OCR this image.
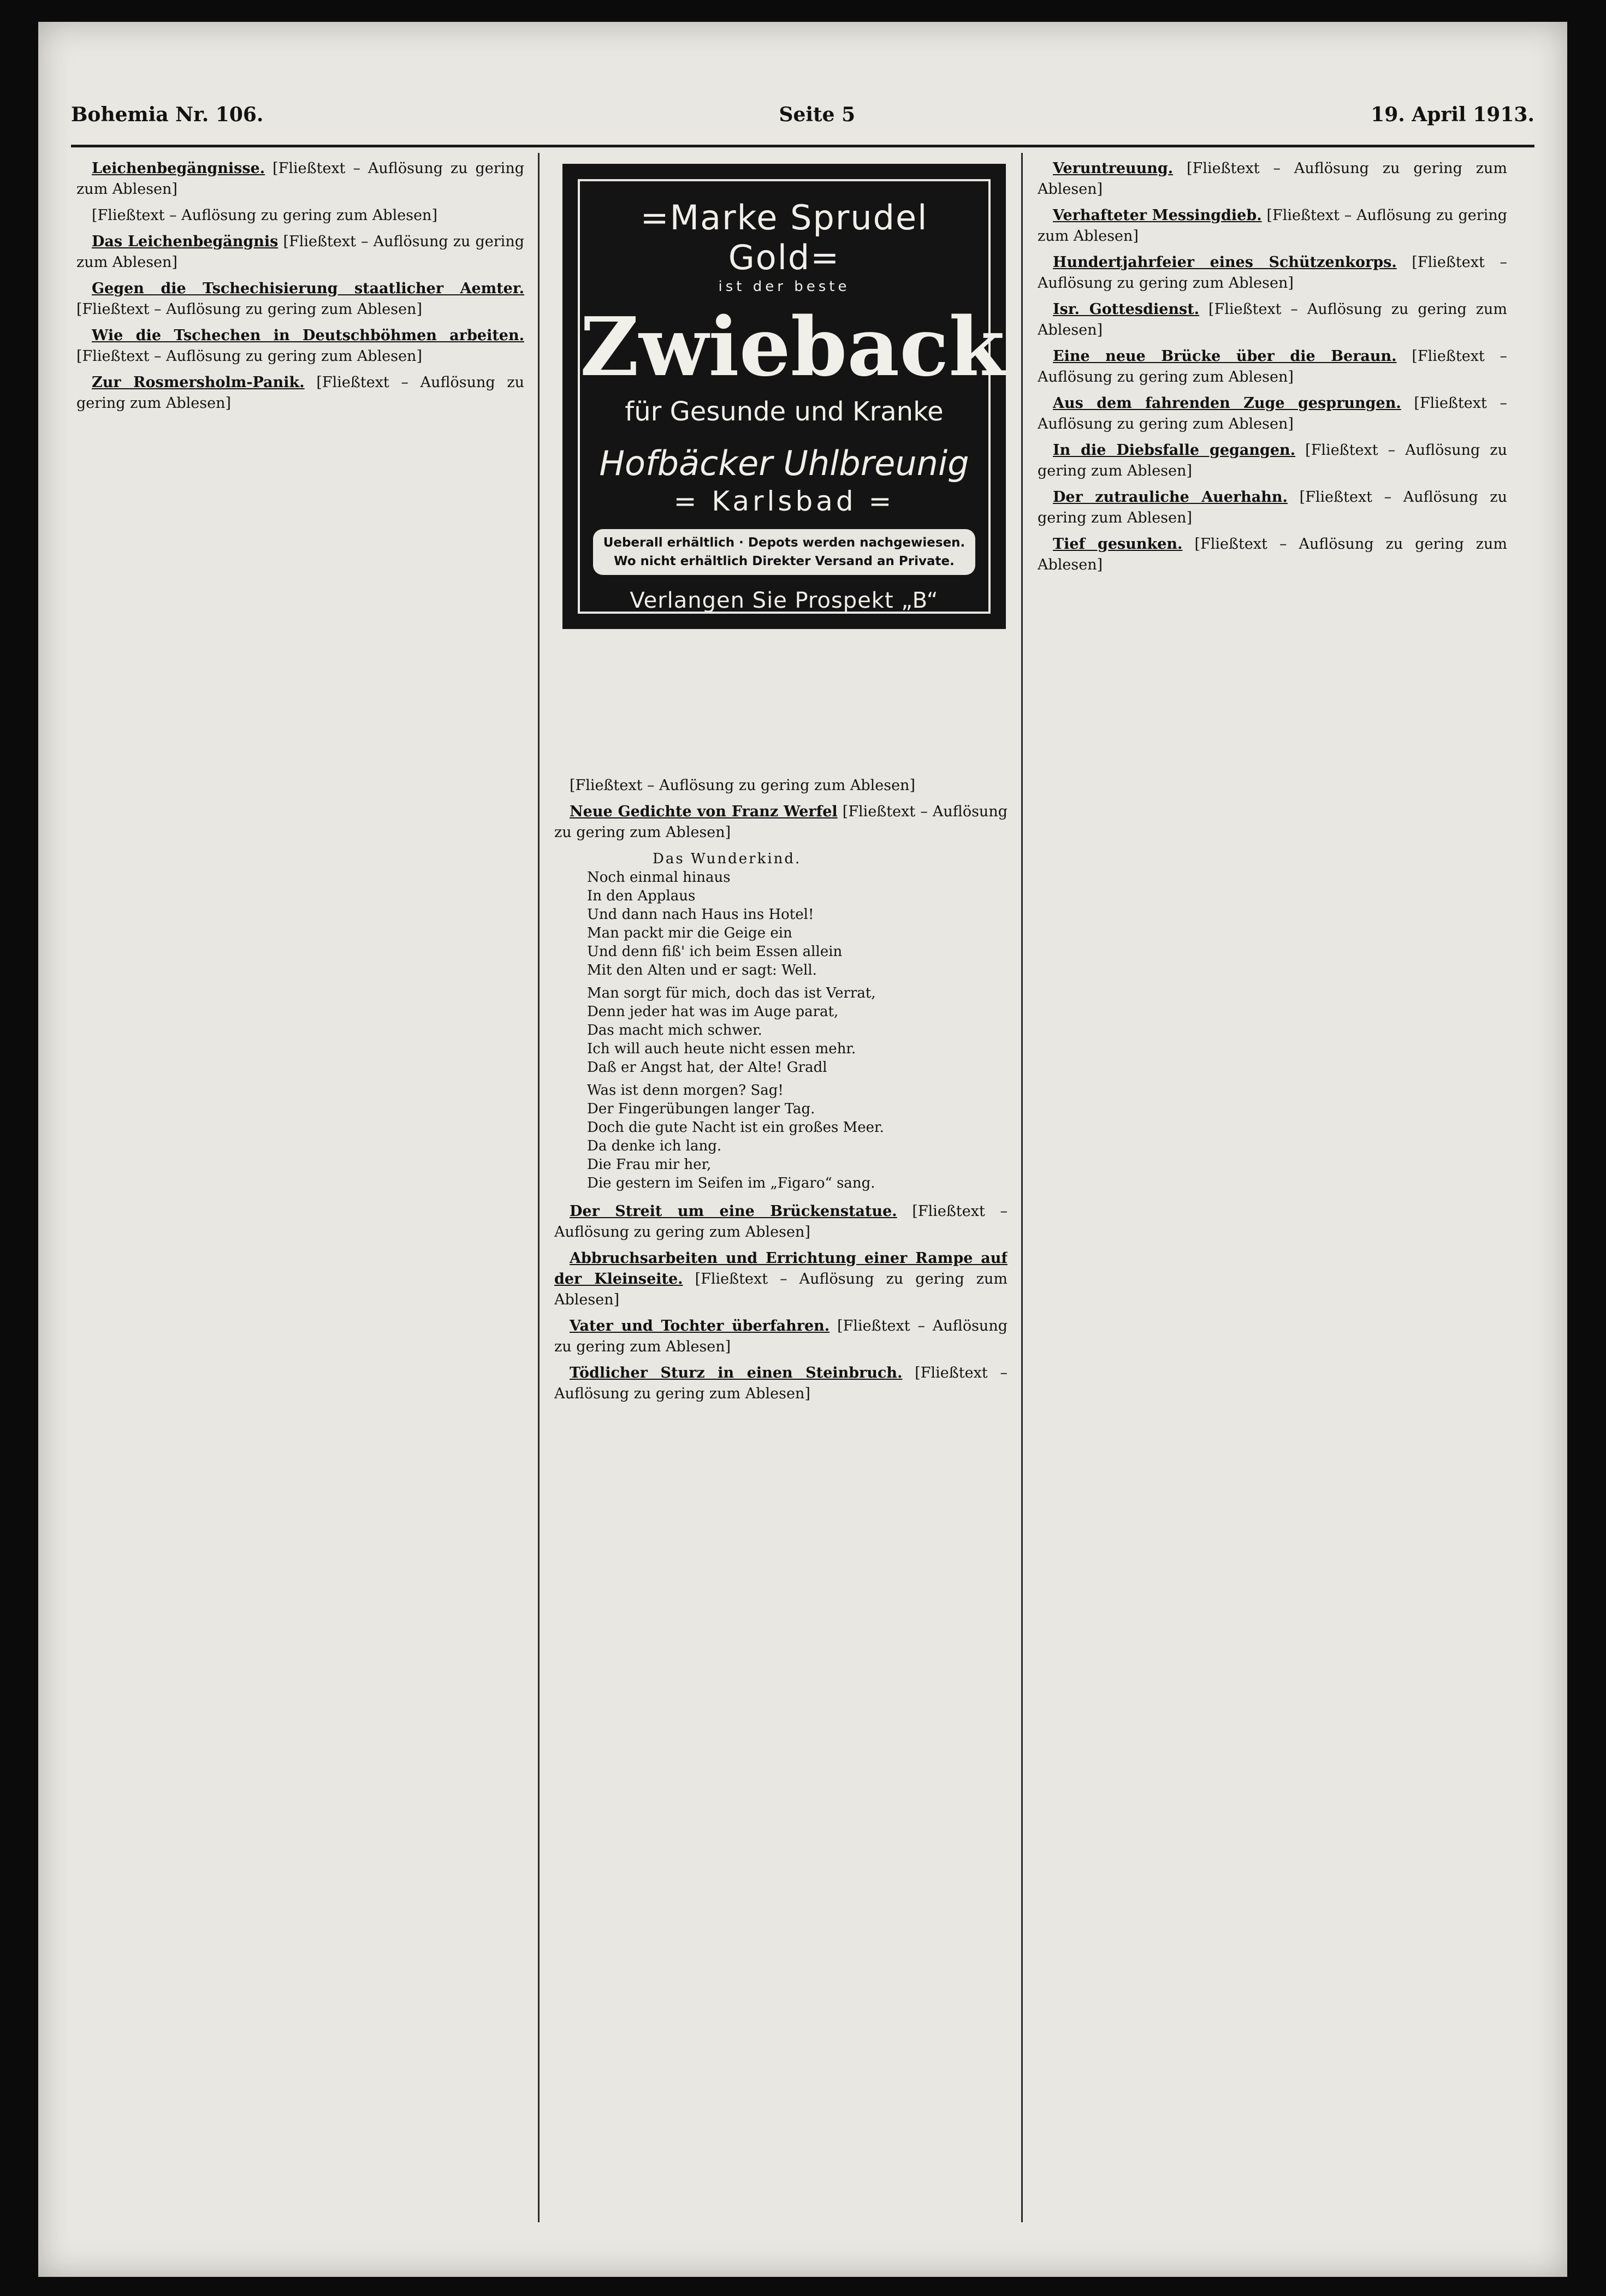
Bohemia Nr. 106.	Seite 5	19. April 1913.

Leichenbegängnisse. [Fließtext – Auflösung zu gering zum Ablesen]

[Fließtext – Auflösung zu gering zum Ablesen]

Das Leichenbegängnis [Fließtext – Auflösung zu gering zum Ablesen]

Gegen die Tschechisierung staatlicher Aemter. [Fließtext – Auflösung zu gering zum Ablesen]

Wie die Tschechen in Deutschböhmen arbeiten. [Fließtext – Auflösung zu gering zum Ablesen]

Zur Rosmersholm-Panik. [Fließtext – Auflösung zu gering zum Ablesen]

=Marke Sprudel Gold=
ist der beste
Zwieback
für Gesunde und Kranke
Hofbäcker Uhlbreunig
= Karlsbad =
Ueberall erhältlich · Depots werden nachgewiesen.
Wo nicht erhältlich Direkter Versand an Private.
Verlangen Sie Prospekt „B“

[Fließtext – Auflösung zu gering zum Ablesen]

Neue Gedichte von Franz Werfel [Fließtext – Auflösung zu gering zum Ablesen]

Das Wunderkind.
Noch einmal hinaus
In den Applaus
Und dann nach Haus ins Hotel!
Man packt mir die Geige ein
Und denn fiß' ich beim Essen allein
Mit den Alten und er sagt: Well.
Man sorgt für mich, doch das ist Verrat,
Denn jeder hat was im Auge parat,
Das macht mich schwer.
Ich will auch heute nicht essen mehr.
Daß er Angst hat, der Alte! Gradl
Was ist denn morgen? Sag!
Der Fingerübungen langer Tag.
Doch die gute Nacht ist ein großes Meer.
Da denke ich lang.
Die Frau mir her,
Die gestern im Seifen im „Figaro“ sang.

Der Streit um eine Brückenstatue. [Fließtext – Auflösung zu gering zum Ablesen]

Abbruchsarbeiten und Errichtung einer Rampe auf der Kleinseite. [Fließtext – Auflösung zu gering zum Ablesen]

Vater und Tochter überfahren. [Fließtext – Auflösung zu gering zum Ablesen]

Tödlicher Sturz in einen Steinbruch. [Fließtext – Auflösung zu gering zum Ablesen]

Veruntreuung. [Fließtext – Auflösung zu gering zum Ablesen]

Verhafteter Messingdieb. [Fließtext – Auflösung zu gering zum Ablesen]

Hundertjahrfeier eines Schützenkorps. [Fließtext – Auflösung zu gering zum Ablesen]

Isr. Gottesdienst. [Fließtext – Auflösung zu gering zum Ablesen]

Eine neue Brücke über die Beraun. [Fließtext – Auflösung zu gering zum Ablesen]

Aus dem fahrenden Zuge gesprungen. [Fließtext – Auflösung zu gering zum Ablesen]

In die Diebsfalle gegangen. [Fließtext – Auflösung zu gering zum Ablesen]

Der zutrauliche Auerhahn. [Fließtext – Auflösung zu gering zum Ablesen]

Tief gesunken. [Fließtext – Auflösung zu gering zum Ablesen]
